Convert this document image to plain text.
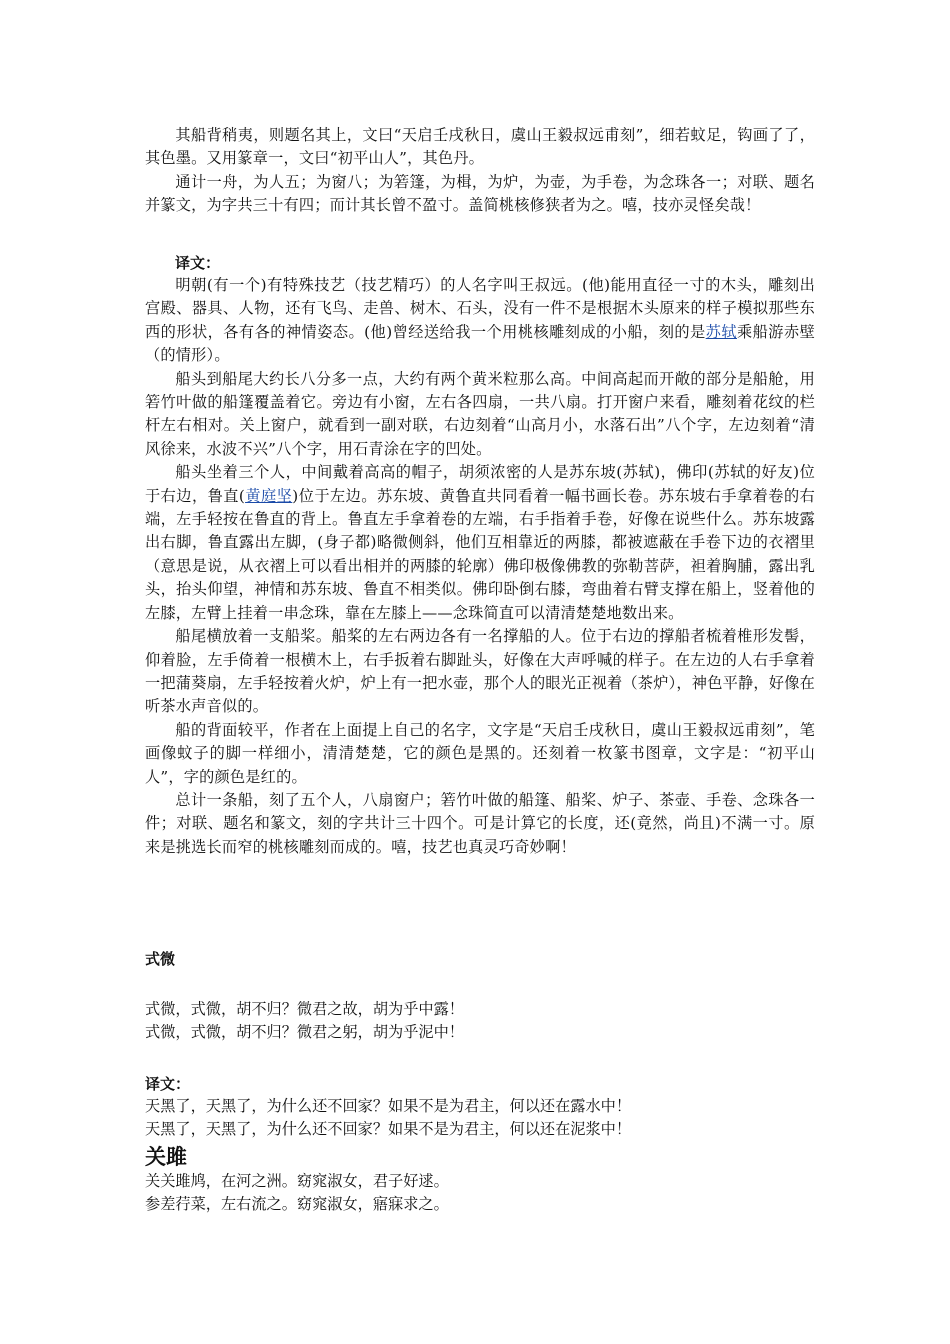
其船背稍夷，则题名其上，文曰“天启壬戌秋日，虞山王毅叔远甫刻”，细若蚊足，钩画了了，其色墨。又用篆章一，文曰“初平山人”，其色丹。

通计一舟，为人五；为窗八；为箬篷，为楫，为炉，为壶，为手卷，为念珠各一；对联、题名并篆文，为字共三十有四；而计其长曾不盈寸。盖简桃核修狭者为之。嘻，技亦灵怪矣哉！

译文：

明朝(有一个)有特殊技艺（技艺精巧）的人名字叫王叔远。(他)能用直径一寸的木头，雕刻出宫殿、器具、人物，还有飞鸟、走兽、树木、石头，没有一件不是根据木头原来的样子模拟那些东西的形状，各有各的神情姿态。(他)曾经送给我一个用桃核雕刻成的小船，刻的是苏轼乘船游赤壁（的情形）。

船头到船尾大约长八分多一点，大约有两个黄米粒那么高。中间高起而开敞的部分是船舱，用箬竹叶做的船篷覆盖着它。旁边有小窗，左右各四扇，一共八扇。打开窗户来看，雕刻着花纹的栏杆左右相对。关上窗户，就看到一副对联，右边刻着“山高月小，水落石出”八个字，左边刻着“清风徐来，水波不兴”八个字，用石青涂在字的凹处。

船头坐着三个人，中间戴着高高的帽子，胡须浓密的人是苏东坡(苏轼)，佛印(苏轼的好友)位于右边，鲁直(黄庭坚)位于左边。苏东坡、黄鲁直共同看着一幅书画长卷。苏东坡右手拿着卷的右端，左手轻按在鲁直的背上。鲁直左手拿着卷的左端，右手指着手卷，好像在说些什么。苏东坡露出右脚，鲁直露出左脚，(身子都)略微侧斜，他们互相靠近的两膝，都被遮蔽在手卷下边的衣褶里（意思是说，从衣褶上可以看出相并的两膝的轮廓）佛印极像佛教的弥勒菩萨，袒着胸脯，露出乳头，抬头仰望，神情和苏东坡、鲁直不相类似。佛印卧倒右膝，弯曲着右臂支撑在船上，竖着他的左膝，左臂上挂着一串念珠，靠在左膝上——念珠简直可以清清楚楚地数出来。

船尾横放着一支船桨。船桨的左右两边各有一名撑船的人。位于右边的撑船者梳着椎形发髻，仰着脸，左手倚着一根横木上，右手扳着右脚趾头，好像在大声呼喊的样子。在左边的人右手拿着一把蒲葵扇，左手轻按着火炉，炉上有一把水壶，那个人的眼光正视着（茶炉），神色平静，好像在听茶水声音似的。

船的背面较平，作者在上面提上自己的名字，文字是“天启壬戌秋日，虞山王毅叔远甫刻”，笔画像蚊子的脚一样细小，清清楚楚，它的颜色是黑的。还刻着一枚篆书图章，文字是：“初平山人”，字的颜色是红的。

总计一条船，刻了五个人，八扇窗户；箬竹叶做的船篷、船桨、炉子、茶壶、手卷、念珠各一件；对联、题名和篆文，刻的字共计三十四个。可是计算它的长度，还(竟然，尚且)不满一寸。原来是挑选长而窄的桃核雕刻而成的。嘻，技艺也真灵巧奇妙啊！

式微

式微，式微，胡不归？微君之故，胡为乎中露！

式微，式微，胡不归？微君之躬，胡为乎泥中！

译文：

天黑了，天黑了，为什么还不回家？如果不是为君主，何以还在露水中！

天黑了，天黑了，为什么还不回家？如果不是为君主，何以还在泥浆中！

关雎

关关雎鸠，在河之洲。窈窕淑女，君子好逑。

参差荇菜，左右流之。窈窕淑女，寤寐求之。
